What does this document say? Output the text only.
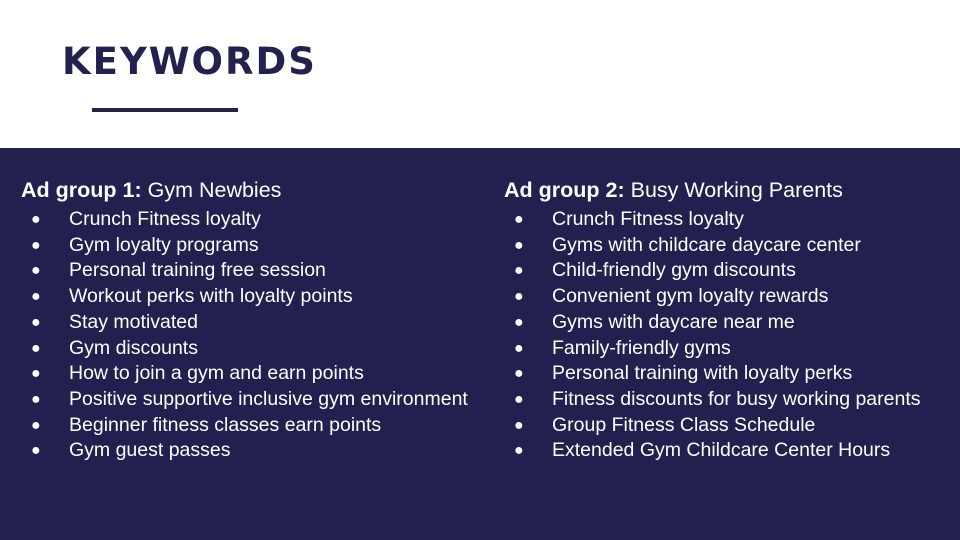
KEYWORDS
Ad group 1: Gym Newbies
● Crunch Fitness loyalty
● Gym loyalty programs
● Personal training free session
● Workout perks with loyalty points
● Stay motivated
● Gym discounts
● How to join a gym and earn points
● Positive supportive inclusive gym environment
● Beginner fitness classes earn points
● Gym guest passes
Ad group 2: Busy Working Parents
● Crunch Fitness loyalty
● Gyms with childcare daycare center
● Child-friendly gym discounts
● Convenient gym loyalty rewards
● Gyms with daycare near me
● Family-friendly gyms
● Personal training with loyalty perks
● Fitness discounts for busy working parents
● Group Fitness Class Schedule
● Extended Gym Childcare Center Hours
